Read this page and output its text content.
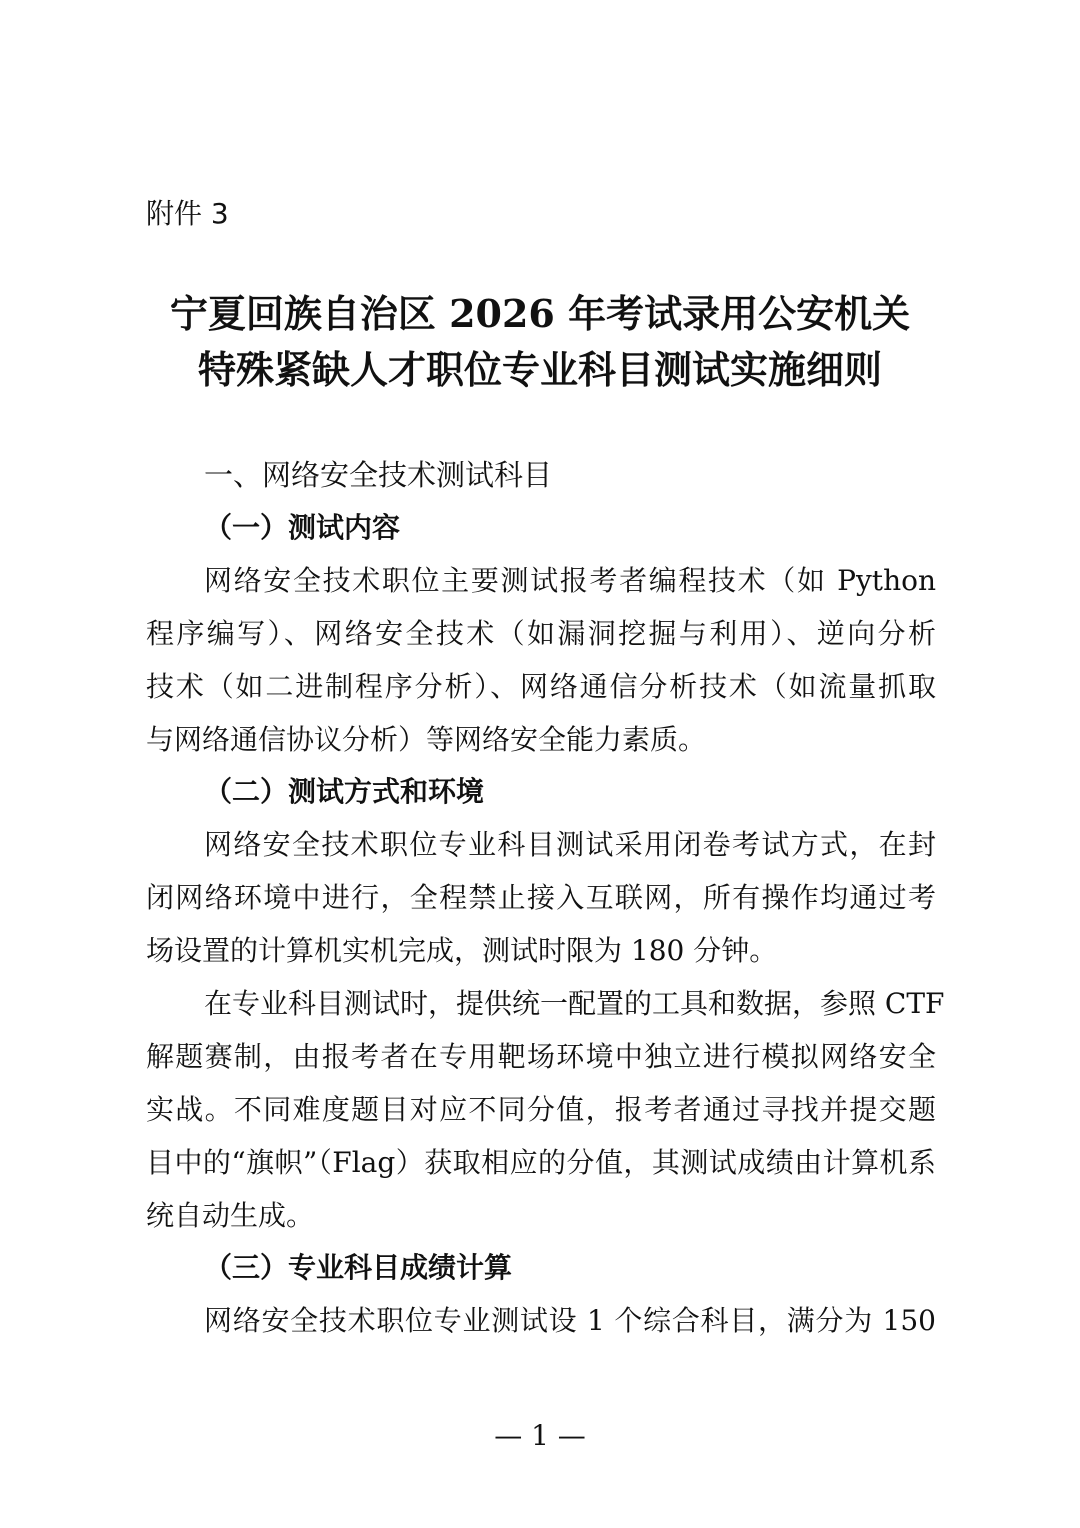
附件 3
宁夏回族自治区 2026 年考试录用公安机关
特殊紧缺人才职位专业科目测试实施细则
一、网络安全技术测试科目
（一）测试内容
网络安全技术职位主要测试报考者编程技术（如 Python
程序编写）、网络安全技术（如漏洞挖掘与利用）、逆向分析
技术（如二进制程序分析）、网络通信分析技术（如流量抓取
与网络通信协议分析）等网络安全能力素质。
（二）测试方式和环境
网络安全技术职位专业科目测试采用闭卷考试方式，在封
闭网络环境中进行，全程禁止接入互联网，所有操作均通过考
场设置的计算机实机完成，测试时限为 180 分钟。
在专业科目测试时，提供统一配置的工具和数据，参照 CTF
解题赛制，由报考者在专用靶场环境中独立进行模拟网络安全
实战。不同难度题目对应不同分值，报考者通过寻找并提交题
目中的“旗帜”（Flag）获取相应的分值，其测试成绩由计算机系
统自动生成。
（三）专业科目成绩计算
网络安全技术职位专业测试设 1 个综合科目，满分为 150
— 1 —
